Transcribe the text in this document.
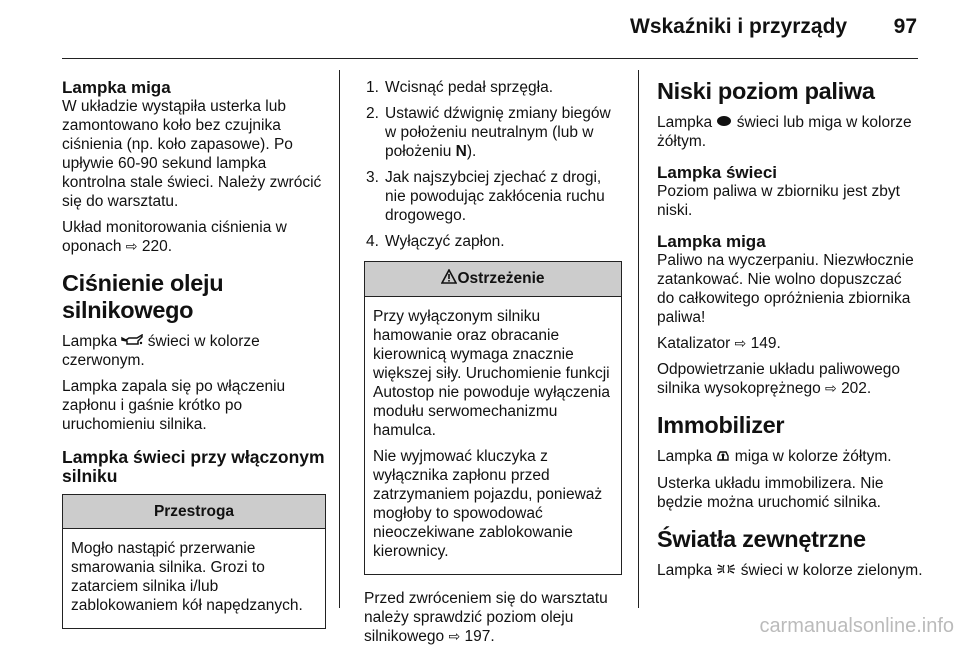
Wskaźniki i przyrządy 97
Lampka miga

W układzie wystąpiła usterka lub zamontowano koło bez czujnika ciśnienia (np. koło zapasowe). Po upływie 60-90 sekund lampka kontrolna stale świeci. Należy zwrócić się do warsztatu.

Układ monitorowania ciśnienia w oponach ⇨ 220.

Ciśnienie oleju silnikowego

Lampka świeci w kolorze czerwonym.

Lampka zapala się po włączeniu zapłonu i gaśnie krótko po uruchomieniu silnika.

Lampka świeci przy włączonym silniku
Przestroga

Mogło nastąpić przerwanie smarowania silnika. Grozi to zatarciem silnika i/lub zablokowaniem kół napędzanych.

1. Wcisnąć pedał sprzęgła.
2. Ustawić dźwignię zmiany biegów w położeniu neutralnym (lub w położeniu N).
3. Jak najszybciej zjechać z drogi, nie powodując zakłócenia ruchu drogowego.
4. Wyłączyć zapłon.
Ostrzeżenie

Przy wyłączonym silniku hamowanie oraz obracanie kierownicą wymaga znacznie większej siły. Uruchomienie funkcji Autostop nie powoduje wyłączenia modułu serwomechanizmu hamulca.

Nie wyjmować kluczyka z wyłącznika zapłonu przed zatrzymaniem pojazdu, ponieważ mogłoby to spowodować nieoczekiwane zablokowanie kierownicy.

Przed zwróceniem się do warsztatu należy sprawdzić poziom oleju silnikowego ⇨ 197.

Niski poziom paliwa

Lampka świeci lub miga w kolorze żółtym.

Lampka świeci

Poziom paliwa w zbiorniku jest zbyt niski.

Lampka miga

Paliwo na wyczerpaniu. Niezwłocznie zatankować. Nie wolno dopuszczać do całkowitego opróżnienia zbiornika paliwa!

Katalizator ⇨ 149.

Odpowietrzanie układu paliwowego silnika wysokoprężnego ⇨ 202.

Immobilizer

Lampka miga w kolorze żółtym.

Usterka układu immobilizera. Nie będzie można uruchomić silnika.

Światła zewnętrzne

Lampka świeci w kolorze zielonym.

carmanualsonline.info
